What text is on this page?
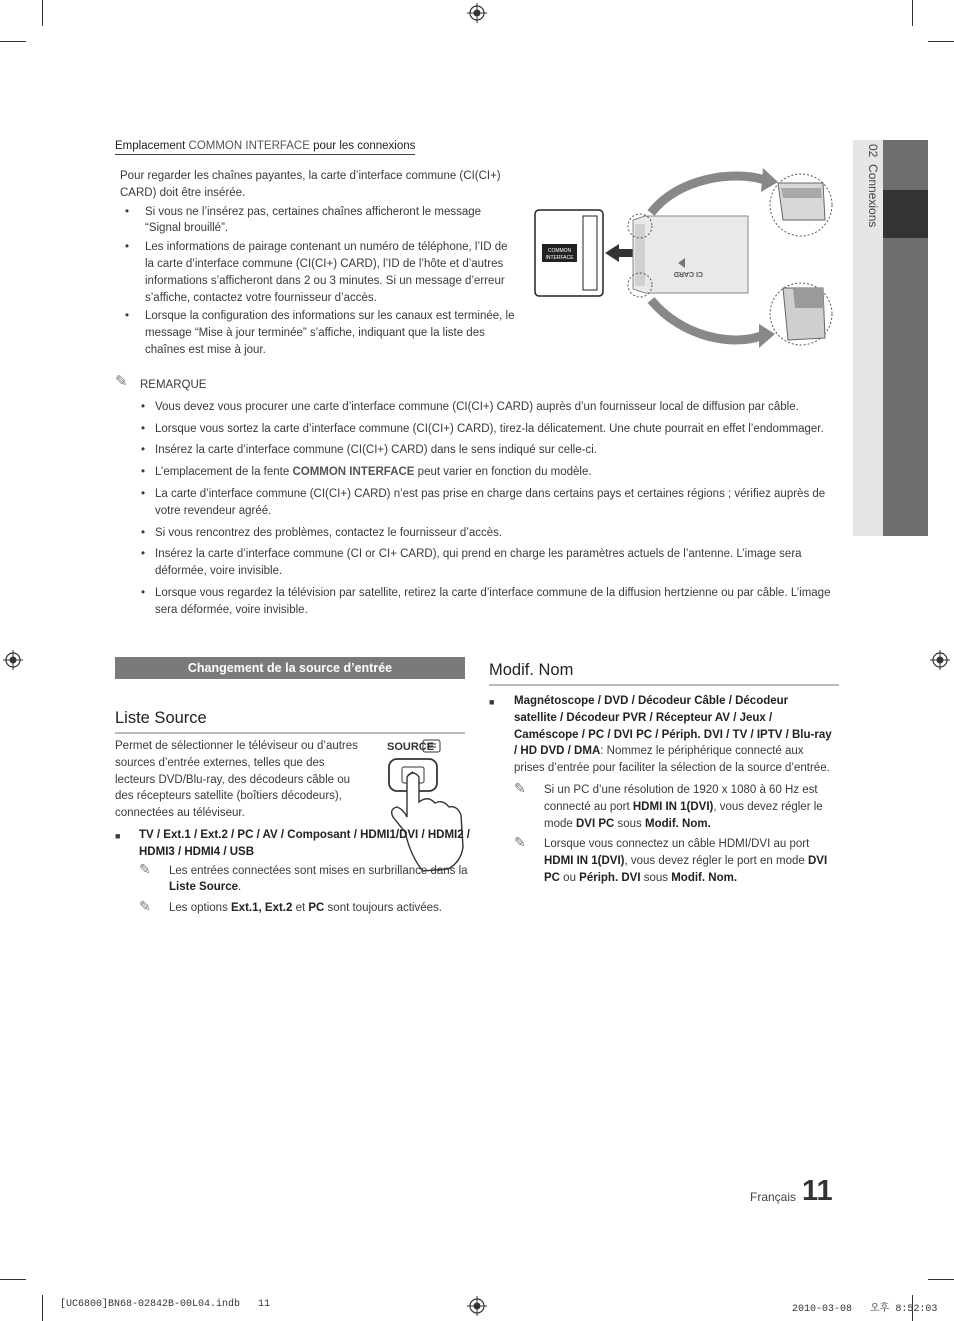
02  Connexions
Emplacement COMMON INTERFACE pour les connexions

Pour regarder les chaînes payantes, la carte d’interface commune (CI(CI+) CARD) doit être insérée.

• Si vous ne l’insérez pas, certaines chaînes afficheront le message “Signal brouillé”.
• Les informations de pairage contenant un numéro de téléphone, l’ID de la carte d’interface commune (CI(CI+) CARD), l’ID de l’hôte et d’autres informations s’afficheront dans 2 ou 3 minutes. Si un message d’erreur s’affiche, contactez votre fournisseur d’accès.
• Lorsque la configuration des informations sur les canaux est terminée, le message “Mise à jour terminée” s’affiche, indiquant que la liste des chaînes est mise à jour.
COMMON
INTERFACE
CI CARD
✎ REMARQUE
• Vous devez vous procurer une carte d’interface commune (CI(CI+) CARD) auprès d’un fournisseur local de diffusion par câble.
• Lorsque vous sortez la carte d’interface commune (CI(CI+) CARD), tirez-la délicatement. Une chute pourrait en effet l’endommager.
• Insérez la carte d’interface commune (CI(CI+) CARD) dans le sens indiqué sur celle-ci.
• L’emplacement de la fente COMMON INTERFACE peut varier en fonction du modèle.
• La carte d’interface commune (CI(CI+) CARD) n’est pas prise en charge dans certains pays et certaines régions ; vérifiez auprès de votre revendeur agréé.
• Si vous rencontrez des problèmes, contactez le fournisseur d’accès.
• Insérez la carte d’interface commune (CI or CI+ CARD), qui prend en charge les paramètres actuels de l’antenne. L’image sera déformée, voire invisible.
• Lorsque vous regardez la télévision par satellite, retirez la carte d’interface commune de la diffusion hertzienne ou par câble. L’image sera déformée, voire invisible.
Changement de la source d’entrée
Liste Source
Permet de sélectionner le téléviseur ou d’autres sources d’entrée externes, telles que des lecteurs DVD/Blu-ray, des décodeurs câble ou des récepteurs satellite (boîtiers décodeurs), connectées au téléviseur.
SOURCE
■ TV / Ext.1 / Ext.2 / PC / AV / Composant / HDMI1/DVI / HDMI2 / HDMI3 / HDMI4 / USB
✎ Les entrées connectées sont mises en surbrillance dans la Liste Source.
✎ Les options Ext.1, Ext.2 et PC sont toujours activées.
Modif. Nom
■ Magnétoscope / DVD / Décodeur Câble / Décodeur satellite / Décodeur PVR / Récepteur AV / Jeux / Caméscope / PC / DVI PC / Périph. DVI / TV / IPTV / Blu-ray / HD DVD / DMA: Nommez le périphérique connecté aux prises d’entrée pour faciliter la sélection de la source d’entrée.
✎ Si un PC d’une résolution de 1920 x 1080 à 60 Hz est connecté au port HDMI IN 1(DVI), vous devez régler le mode DVI PC sous Modif. Nom.
✎ Lorsque vous connectez un câble HDMI/DVI au port HDMI IN 1(DVI), vous devez régler le port en mode DVI PC ou Périph. DVI sous Modif. Nom.
Français 11
[UC6800]BN68-02842B-00L04.indb   11	2010-03-08   오후 8:52:03
